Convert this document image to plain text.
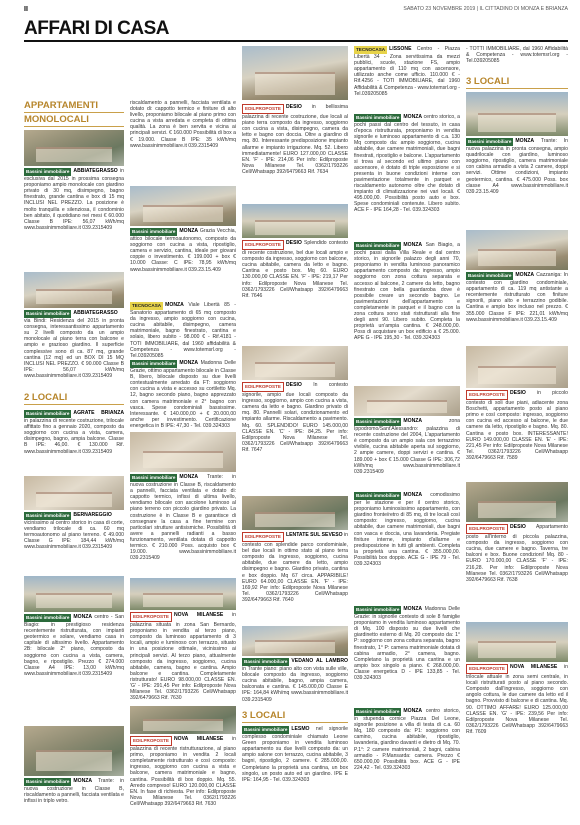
II	SABATO 23 NOVEMBRE 2019 | IL CITTADINO DI MONZA E BRIANZA
AFFARI DI CASA
APPARTAMENTI
MONOLOCALI
Bassini immobiliare ABBIATEGRASSO in esclusiva dal 2015 in prossima consegna proponiamo ampio monolocale con giardino privato di 30 mq, disimpegno, bagno finestrato, grande cantina e box di 15 mq INCLUSI NEL PREZZO. La posizione è molto tranquilla e silenziosa, il condominio ben abitato, il quotidiano nei mesi € 60.000 Classe B IPE: 56,07 kWh/mq www.bassinimmobiliare.it 039.2315409
Bassini immobiliare ABBIATEGRASSO via Bindi: Residenza del 2015 in pronta consegna, interessantissimo appartamento su 2 livelli composto da un ampio monolocale al piano terra con balcone e ampio e grazioso giardino. Il superficie complessive sono di ca. 87 mq, grande cantina (12 mq) ed un BOX DI 15 MQ INCLUSI NEL PREZZO. € 90.000 Classe B IPE: 56,07 kWh/mq www.bassinimmobiliare.it 039.2315409
2 LOCALI
Bassini immobiliare AGRATE BRIANZA in palazzina di recente costruzione, trilocale affittato fino a gennaio 2020, composto da soggiorno con cucina a vista, camera, disimpegno, bagno, ampia balcone. Classe B IPE: 46,00. € 130.000 Rif. www.bassinimmobiliare.it 039.2315409
Bassini immobiliare BERNAREGGIO vicinissimo al centro storico in casa di corte, vendiamo trilocale di ca. 60 mq termoautonomo al piano terreno. € 49.000 Classe G IPE: 184,44 kWh/mq www.bassinimmobiliare.it 039.2315409
Bassini immobiliare MONZA centro - San Biagio: in prestigioso residenza recentemente ristrutturata, con impianti geotermico e solare, vendiamo casa in capitale di altissimo livello. Appartamento 2B: bilocale 2° piano, composto da soggiorno con cucina a vista, camera, bagno, e ripostiglio. Prezzo € 274.000 Classe A4 IPE: 13,00 kWh/mq www.bassinimmobiliare.it 039.2315409
Bassini immobiliare MONZA Trante: in nuova costruzione in Classe B, riscaldamento a pannelli, facciata ventilata e infissi in triplo vetro.
riscaldamento a pannelli, facciata ventilata e dotato di: cappotto termico e finiture di alto livello, proponiamo bilocale al piano primo con cucina a vista arredata e completa di ottima qualità. La zona è ben servita e vicina ai principali servizi. € 160.000 Possibilità di box a € 19.000. Classe B IPE: 35 kWh/mq www.bassinimmobiliare.it 039.2315409
Bassini immobiliare MONZA Grazia Vecchia, attico bilocale termoautonomo, composto da soggiorno con cucina a vista, ripostiglio, camera e servizio, cantina, ideale per giovani coppie o investimento. € 199.000 + box € 10.000 Classe: C IPE: 78,95 kWh/mq www.bassinimmobiliare.it 039.23.15.409
TECNOCASA MONZA Viale Libertà 85 - Sanatorio appartamento di 65 mq composto da ingresso, ampio soggiorno con cucina, cucina abitabile, disimpegno, camera matrimoniale, bagno finestrato, cantina e solaio, libero subito - 98.000 € - Rif.4181 - TOTI IMMOBILIARE, dal 1960 affidabilità & Competenza - www.totemsrl.org - Tel.039205085
Bassini immobiliare MONZA Madonna Delle Grazie, ottimo appartamento bilocale in Classe B, libero, bilocale disposto su due livelli contestualmente arredato da FT: soggiorno con cucina a vista e accesso su cortiletto Mq. 12, bagno secondo piano, bagno apprezzato con camera matrimoniale e 2° bagno con vasca. Spese condominiali bassissime. Interessante. € 140.000,00 + € 20.000,00 anche per investimento. Certificazione energetica in B IPE: 47,30 - Tel. 039.324303
Bassini immobiliare MONZA Trante: in nuova costruzione in Classe B, riscaldamento a pannelli, facciata ventilata e dotato di: cappotto termico, infissi di ultima livello, vendiamo bilocale con ascolone luminoso al piano terreno con piccolo giardino privato. La costruzione è in Classe B e garantisce di consegnare la casa a fine termine con particolari strutture antisismiche. Possibilità di avere a pannelli radianti a basso funzionamento, ventilata dotata di cappotto termico. € 210.000 Poss. acquisto box € 19.000. www.bassinimmobiliare.it 039.2315409
EDILPROPOSTE NOVA MILANESE in palazzina situata in zona San Bernardo, proponiamo in vendita al terzo piano, composto da luminoso appartamento di 3 locali, ampio e luminoso con terrazzo, situato in una posizione ottimale, vicinissimo ai principali servizi. Al terzo piano, attualmente composto da ingresso, soggiorno, cucina abitabile, camera, bagno e cantina. Ampio balcone e cantina. Completamente ristrutturato! EURO 98.000,00 CLASSE EN. 'G' - IPE: 291,45 Per info: Edilproposte Nova Milanese Tel. 0362/1793226 Cell/Whatsapp 392/6479663 Rif. 7630
EDILPROPOSTE NOVA MILANESE in palazzina di recente ristrutturazione, al piano primo, proponiamo in vendita 2 locali completamente ristrutturato e così composto: ingresso, soggiorno con cucina a vista e balcone, camera matrimoniale e bagno, cantina. Possibilità di box doppio. Mq. 55. Arredo compreso! EURO 120.000,00 CLASSE EN. In fase di richiesta. Per info: Edilproposte Nova Milanese Tel. 0362/1793226 Cell/Whatsapp 392/6479663 Rif. 7630
EDILPROPOSTE DESIO in bellissima palazzina di recente costruzione, due locali al piano terra composto da ingresso, soggiorno con cucina a vista, disimpegno, camera da letto e bagno con doccia. Oltre a giardino di mq. 80. Interessante predisposizione impianto allarme e impianto irrigazione. Mq. 52. Libero immediatamente! EURO 127.000,00 CLASSE EN. 'F' - IPE: 214,06 Per info: Edilproposte Nova Milanese Tel. 0362/1793226 Cell/Whatsapp 392/6479663 Rif. 7634
EDILPROPOSTE DESIO Splendido contesto di recente costruzione, bel due locali ampio e composto da ingresso, soggiorno con balcone, cucina abitabile, camera da letto e bagno. Cantina e posto box. Mq 60. EURO 130.000,00 CLASSE EN. 'F' - IPE: 219,17 Per info: Edilproposte Nova Milanese Tel. 0362/1793226 Cell/Whatsapp 392/6479663 Rif. 7646
EDILPROPOSTE DESIO In contesto signorile, ampio due locali composto da ingresso, soggiorno, ampio con cucina a vista, camera da letto e bagno. Giardino privato di mq. 80. Pannelli solari, condizionamento ed impianto allarme. Riscaldamento a pavimento. Mq. 60. SPLENDIDO! EURO 145.000,00 CLASSE EN. 'C' - IPE: 84,25. Per info: Edilproposte Nova Milanese Tel. 0362/1793226 Cell/Whatsapp 392/6479663 Rif. 7647
EDILPROPOSTE LENTATE SUL SEVESO in contesto con splendide parco condominiale, bel due locali in ottimo stato al piano terra composto da ingresso, soggiorno, cucina abitabile, due camere da letto, ampio disimpegno e bagno. Giardino privato, cantina e box doppio. Mq 67 circa. APPARIBILE! EURO 64.000,00 CLASSE EN. 'F' - IPE: 169,92 Per info: Edilproposte Nova Milanese Tel. 0362/1793226 Cell/Whatsapp 392/6479663 Rif. 7640
Bassini immobiliare VEDANO AL LAMBRO in Trante piano: piano alto con vista sulle ville, bilocale composto da ingresso, soggiorno cucina abitabile, bagno, ampia camera, balconata e cantina. € 145.000,00 Classe E IPE: 164,84 kWh/mq www.bassinimmobiliare.it 039.2315409
3 LOCALI
Bassini immobiliare LESMO nel signorile complesso condominiale chiamato Leone Green proponiamo in vendita luminoso appartamento su due livelli composto da: un ampio salone con terrazzo, cucina abitabile, 3 bagni, ripostiglio, 2 camere. € 285.000,00. Completano la proprietà una cantina, un box singolo, un posto auto ed un giardino. IPE E IPE: 164,95 - Tel. 039.324303
TECNOCASA LISSONE Centro - Piazza Libertà 34 - Zona servitissima da mezzi pubblici, scuole, stazione FS, ampio appartamento di 110 mq con ascensore, utilizzato anche come ufficio. 110.000 € - Rif.4256 - TOTI IMMOBILIARE, dal 1960 Affidabilità & Competenza - www.totemsrl.org - Tel.039205085
Bassini immobiliare MONZA centro storico, a pochi passi dal centro del tessuto, in casa d'epoca ristrutturata, proponiamo in vendita signorile e luminoso appartamento di c.a. 130 Mq composto da: ampio soggiorno, cucina abitabile, due camere matrimoniali, due bagni finestrati, ripostiglio e balcone. L'appartamento si trova al secondo ed ultimo piano con ascensore, è dotato di triple esposizione e si presenta in buone condizioni interne con pavimentazione totalmente in parquet e riscaldamento autonomo oltre che dotato di impianto di climatizzazione nei vari locali. € 495.000,00. Possibilità posto auto e box. Spese condominiali contenute. Libero subito. ACE F - IPE 164,28 - Tel. 039.324303
Bassini immobiliare MONZA San Biagio, a pochi passi dalla Villa Reale e dal centro storico, in signorile palazzo degli anni 70, proponiamo in vendita luminoso panoramico appartamento composto da: ingresso, ampio soggiorno con zona cottura separata e accesso al balcone, 2 camere da letto, bagno finestrato con bella guardaroba dove è possibile creare un secondo bagno. Le pavimentazioni dell'appartamento e completamente in parquet e il bagno con la zona cottura sono stati ristrutturati alla fine degli anni 90. Libero subito. Completa la proprietà un'ampia cantina. € 248.000,00. Poss di acquistare un box edificio a € 25.000. APE G - IPE 195,30 - Tel. 039.324303
Bassini immobiliare MONZA	zona Ippodromo/Sant'Alessandro: palazzina di recente costruzione del 2004, L'appartamento è composto da un ampio sala con terrazzino vivibile, cucina abitabile aperta sul soggiorno, 2 ampie camere, doppi servizi e cantina. € 189.000 + box € 15.000 Classe G IPE: 306,72 kWh/mq www.bassinimmobiliare.it 039.2315409
Bassini immobiliare MONZA comodissimo per le stazione e per il centro storico, proponiamo luminosissimo appartamento, con giardino fronte/retro di 85 mq, di tre locali così composto: ingresso, soggiorno, cucina abitabile, due camere matrimoniali, due bagni con vasca e doccia, una lavanderia. Pregiate finiture interne, impianto d'allarme e predisposizione in tutti gli ambienti. Completa la proprietà una cantina. € 355.000,00. Possibilità box doppio. ACE G - IPE 79 - Tel. 039.324303
Bassini immobiliare MONZA Madonna Delle Grazie: in signorile contesto di sole 8 famiglie proponiamo in vendita luminoso appartamento di Mq. 100 disposto su due livelli che giardinetto esterno di Mq. 20 composto da: 1° P: soggiorno con zona cottura separata, bagno finestrato, 1° P: camera matrimoniale dotata di cabina armadio, 2° camera, bagno. Completano la proprietà una cantina e un ampio box singolo a piano. € 268.000,00. Classe energetica D - IPE 133,85 - Tel. 039.324303
Bassini immobiliare MONZA centro storico, in stupenda cornice Piazza Del Leone, signorile posizione a villa di testa di c.a. 60 Mq, 180 composto da: P1: soggiorno con camino, cucina abitabile, ripostiglio, lavanderia, giardino davanti e dietro di Mq. 70. P.1°: 2 camere matrimoniali, 2 bagni, cabina armadio - P.Mansarda: camera. Prezzo € 650.000,00 Possibilità box. ACE G - IPE 224,42 - Tel. 039.324303
- TOTTI IMMOBILIARE, dal 1960 Affidabilità & Competenza - www.totemsrl.org - Tel.039205085
3 LOCALI
Bassini immobiliare MONZA Trante: In nuova palazzina in pronta consegna, ampio quadrilocale con giardino, luminoso soggiorno, ripostiglio, camera matrimoniale con cabina armadio a vista 2 camere, doppi servizi. Ottime condizioni, impianto geotermico, cantina. € 475.000 Poss. box classe A4 www.bassinimmobiliare.it 039.23.15.409
Bassini immobiliare MONZA Cazzaniga: In contesto con giardino condominiale, appartamento di ca. 119 mq antistante a recentemente ristrutturato con finiture signorili, piano alto e terrazzino godibile. Cantina e ampio box incluso nel prezzo. € 355.000 Classe F IPE: 221,01 kWh/mq www.bassinimmobiliare.it 039.23.15.409
EDILPROPOSTE DESIO in piccolo contesto di soli due piani, adiacente zona Boschetti, appartamento posto al piano primo e così composto: ingresso, soggiorno con cucina ed accesso al balcone, le due camere da letto, ripostiglio e bagno. Mq. 80. Cantina e posto box. INTERESSANTE! EURO 149.000,00 CLASSE EN. 'E' - IPE: 221,45 Per info: Edilproposte Nova Milanese Tel. 0362/1793226 Cell/Whatsapp 392/6479663 Rif. 7589
EDILPROPOSTE DESIO Appartamento posto all'interno di piccola palazzina, composto da ingresso, soggiorno con cucina, due camere e bagno. Taverna, tre balconi e box. Buone condizioni! Mq. 80 - EURO 170.000,00 CLASSE 'F' - IPE: 216,28. Per info: Edilproposte Nova Milanese Tel. 0362/1793226 Cell/Whatsapp 392/6479663 Rif. 7638
EDILPROPOSTE NOVA MILANESE in trilocale attuale in zona semi centrale, in locali ristrutturati posto al piano secondo. Composto dall'ingresso, soggiorno con angolo cottura, le due camere da letto ed il bagno. Provvisto di balcone e di cantina. Mq. 90. OTTIMO AFFARE! EURO 125.000,00 CLASSE EN. 'G' - IPE: 239,56 Per info: Edilproposte Nova Milanese Tel. 0362/1793226 Cell/Whatsapp 392/6479663 Rif. 7609
